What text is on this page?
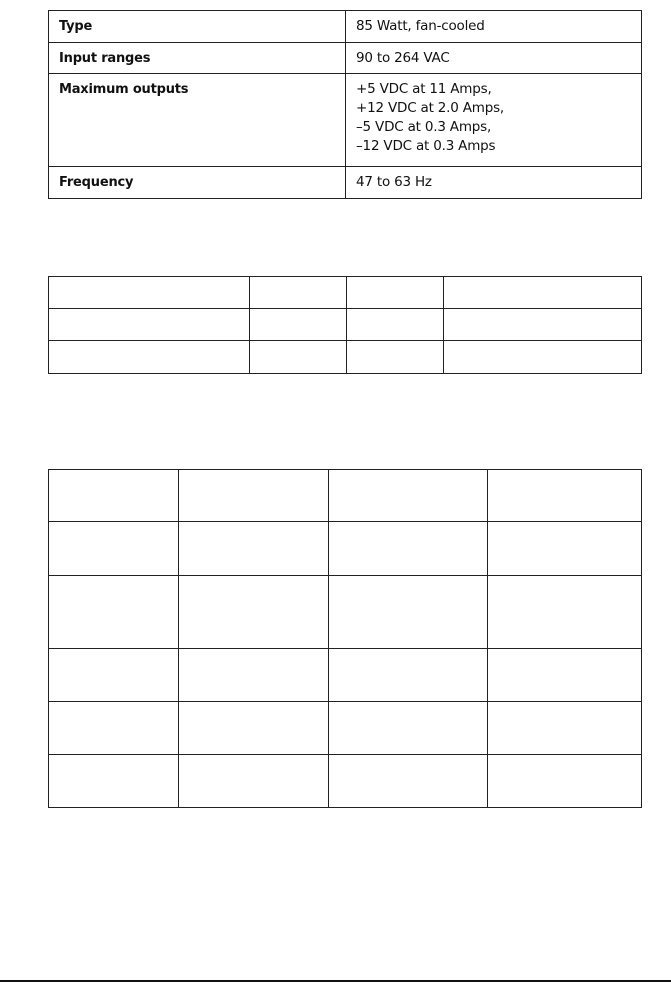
Type	85 Watt, fan-cooled

Input ranges	90 to 264 VAC

Maximum outputs	+5 VDC at 11 Amps,
+12 VDC at 2.0 Amps,
–5 VDC at 0.3 Amps,
–12 VDC at 0.3 Amps

Frequency	47 to 63 Hz
